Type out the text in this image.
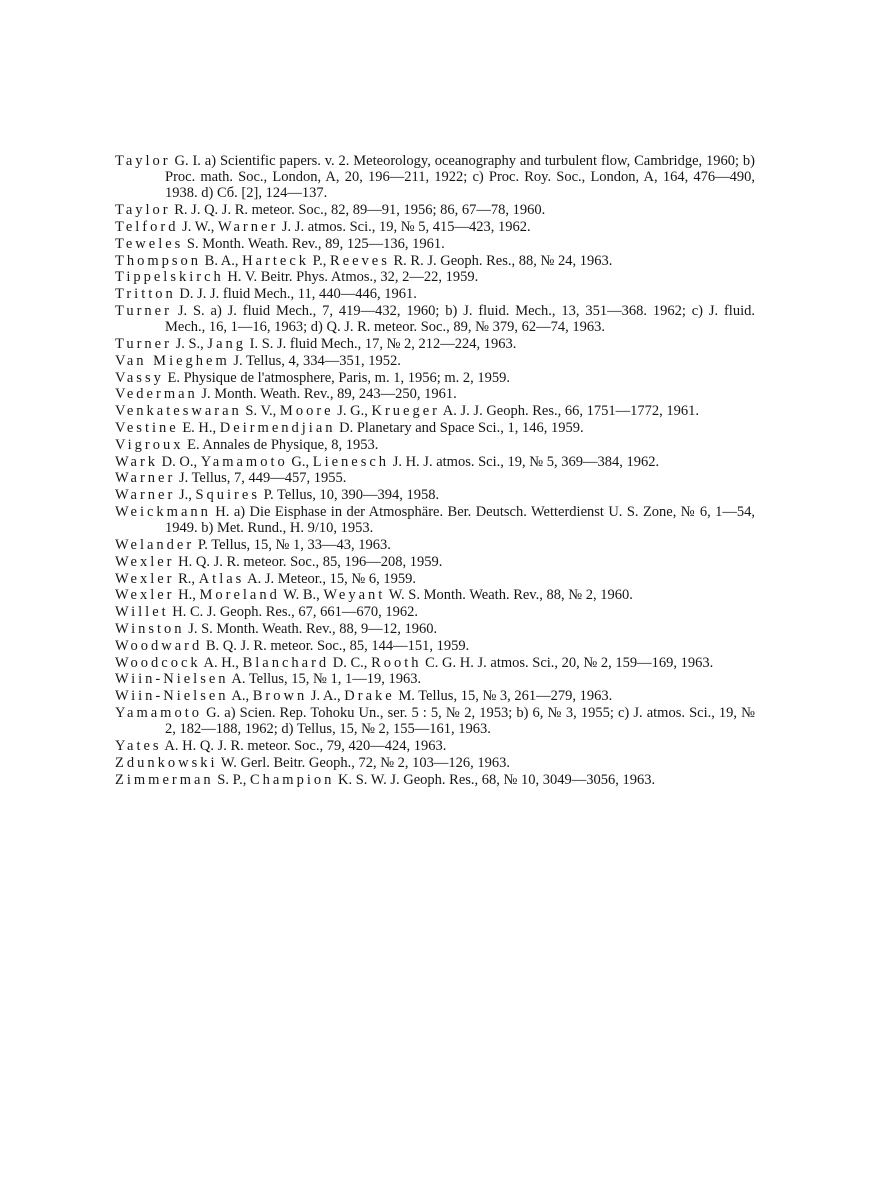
Taylor G. I. a) Scientific papers. v. 2. Meteorology, oceanography and turbulent flow, Cambridge, 1960; b) Proc. math. Soc., London, A, 20, 196—211, 1922; c) Proc. Roy. Soc., London, A, 164, 476—490, 1938. d) Сб. [2], 124—137.
Taylor R. J. Q. J. R. meteor. Soc., 82, 89—91, 1956; 86, 67—78, 1960.
Telford J. W., Warner J. J. atmos. Sci., 19, № 5, 415—423, 1962.
Teweles S. Month. Weath. Rev., 89, 125—136, 1961.
Thompson B. A., Harteck P., Reeves R. R. J. Geoph. Res., 88, № 24, 1963.
Tippelskirch H. V. Beitr. Phys. Atmos., 32, 2—22, 1959.
Tritton D. J. J. fluid Mech., 11, 440—446, 1961.
Turner J. S. a) J. fluid Mech., 7, 419—432, 1960; b) J. fluid. Mech., 13, 351—368. 1962; c) J. fluid. Mech., 16, 1—16, 1963; d) Q. J. R. meteor. Soc., 89, № 379, 62—74, 1963.
Turner J. S., Jang I. S. J. fluid Mech., 17, № 2, 212—224, 1963.
Van Mieghem J. Tellus, 4, 334—351, 1952.
Vassy E. Physique de l'atmosphere, Paris, m. 1, 1956; m. 2, 1959.
Vederman J. Month. Weath. Rev., 89, 243—250, 1961.
Venkateswaran S. V., Moore J. G., Krueger A. J. J. Geoph. Res., 66, 1751—1772, 1961.
Vestine E. H., Deirmendjian D. Planetary and Space Sci., 1, 146, 1959.
Vigroux E. Annales de Physique, 8, 1953.
Wark D. O., Yamamoto G., Lienesch J. H. J. atmos. Sci., 19, № 5, 369—384, 1962.
Warner J. Tellus, 7, 449—457, 1955.
Warner J., Squires P. Tellus, 10, 390—394, 1958.
Weickmann H. a) Die Eisphase in der Atmosphäre. Ber. Deutsch. Wetterdienst U. S. Zone, № 6, 1—54, 1949. b) Met. Rund., H. 9/10, 1953.
Welander P. Tellus, 15, № 1, 33—43, 1963.
Wexler H. Q. J. R. meteor. Soc., 85, 196—208, 1959.
Wexler R., Atlas A. J. Meteor., 15, № 6, 1959.
Wexler H., Moreland W. B., Weyant W. S. Month. Weath. Rev., 88, № 2, 1960.
Willet H. C. J. Geoph. Res., 67, 661—670, 1962.
Winston J. S. Month. Weath. Rev., 88, 9—12, 1960.
Woodward B. Q. J. R. meteor. Soc., 85, 144—151, 1959.
Woodcock A. H., Blanchard D. C., Rooth C. G. H. J. atmos. Sci., 20, № 2, 159—169, 1963.
Wiin-Nielsen A. Tellus, 15, № 1, 1—19, 1963.
Wiin-Nielsen A., Brown J. A., Drake M. Tellus, 15, № 3, 261—279, 1963.
Yamamoto G. a) Scien. Rep. Tohoku Un., ser. 5 : 5, № 2, 1953; b) 6, № 3, 1955; c) J. atmos. Sci., 19, № 2, 182—188, 1962; d) Tellus, 15, № 2, 155—161, 1963.
Yates A. H. Q. J. R. meteor. Soc., 79, 420—424, 1963.
Zdunkowski W. Gerl. Beitr. Geoph., 72, № 2, 103—126, 1963.
Zimmerman S. P., Champion K. S. W. J. Geoph. Res., 68, № 10, 3049—3056, 1963.
